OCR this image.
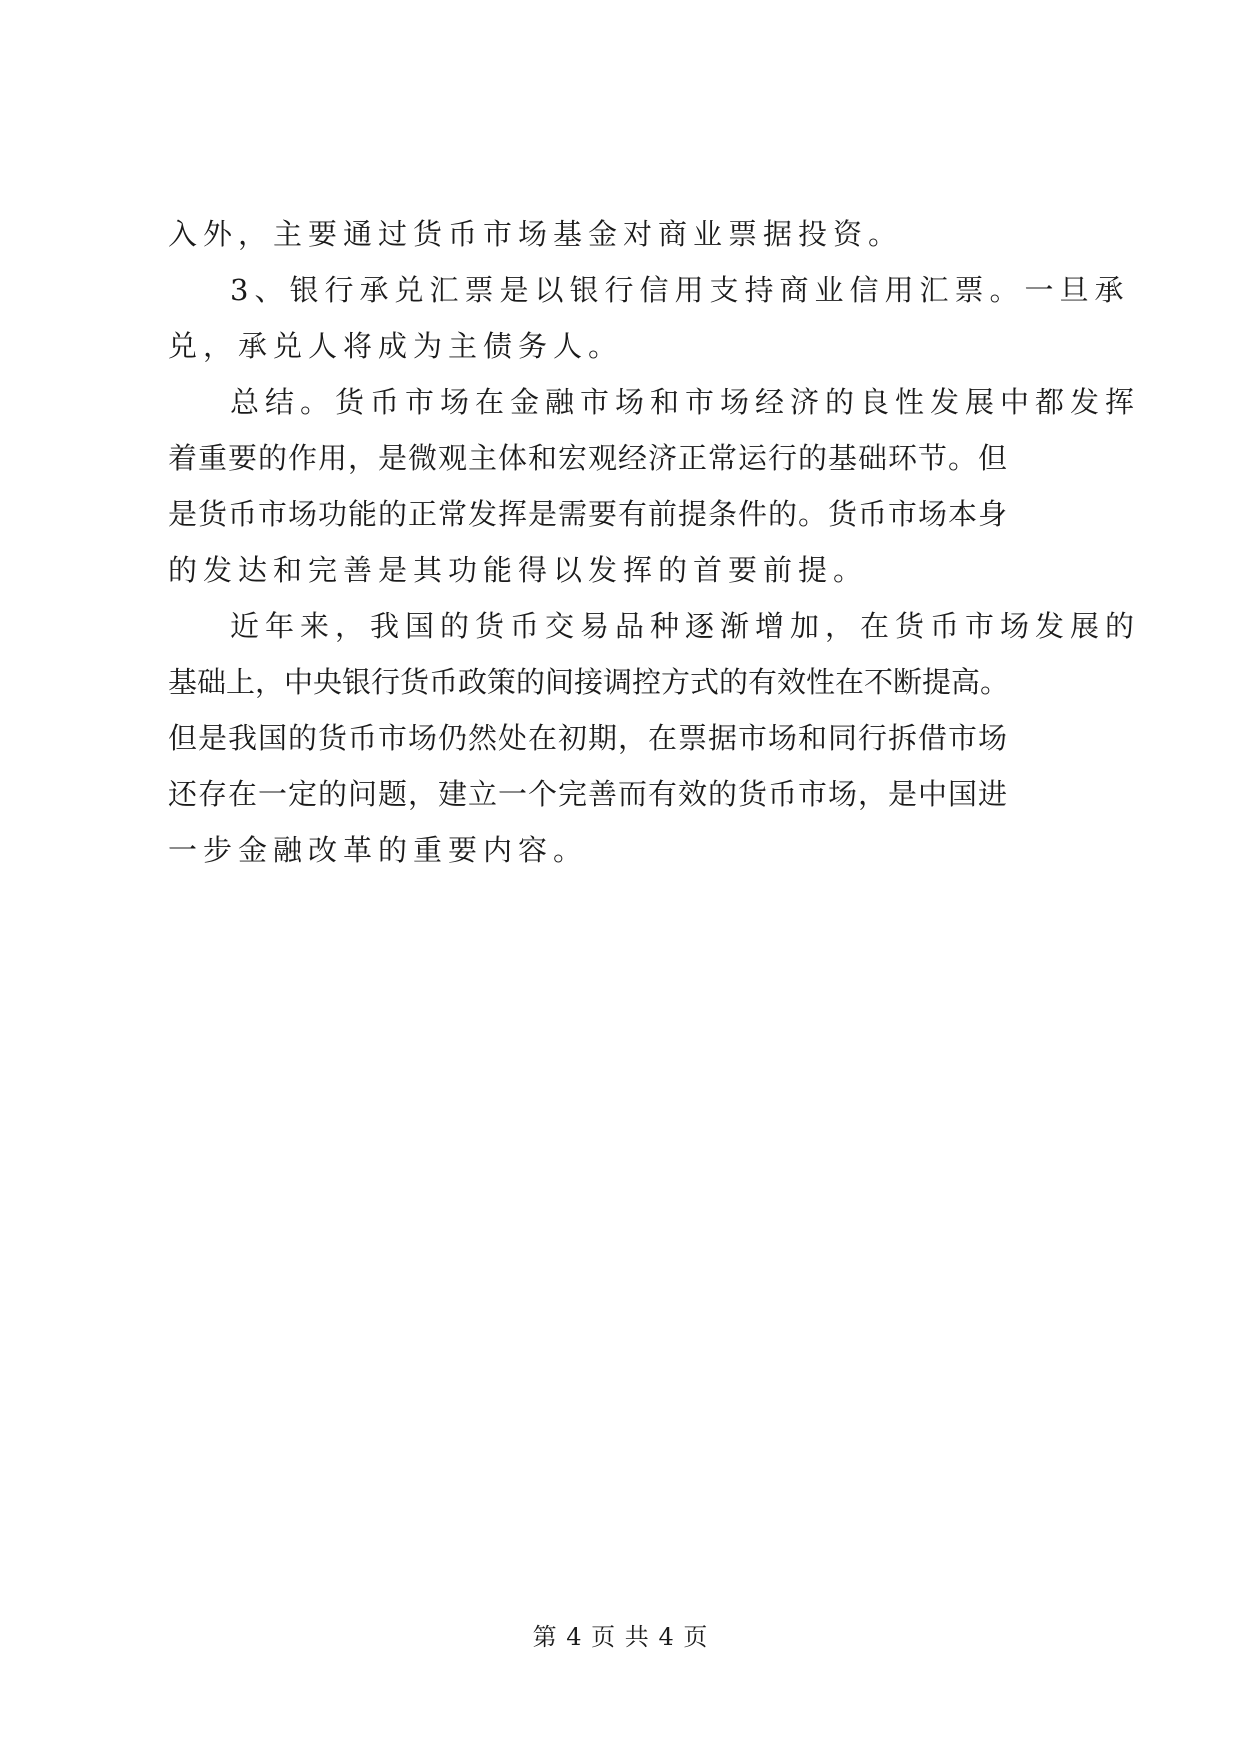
入外，主要通过货币市场基金对商业票据投资。
3、银行承兑汇票是以银行信用支持商业信用汇票。一旦承
兑，承兑人将成为主债务人。
总结。货币市场在金融市场和市场经济的良性发展中都发挥
着重要的作用，是微观主体和宏观经济正常运行的基础环节。但
是货币市场功能的正常发挥是需要有前提条件的。货币市场本身
的发达和完善是其功能得以发挥的首要前提。
近年来，我国的货币交易品种逐渐增加，在货币市场发展的
基础上，中央银行货币政策的间接调控方式的有效性在不断提高。
但是我国的货币市场仍然处在初期，在票据市场和同行拆借市场
还存在一定的问题，建立一个完善而有效的货币市场，是中国进
一步金融改革的重要内容。
第 4 页 共 4 页
